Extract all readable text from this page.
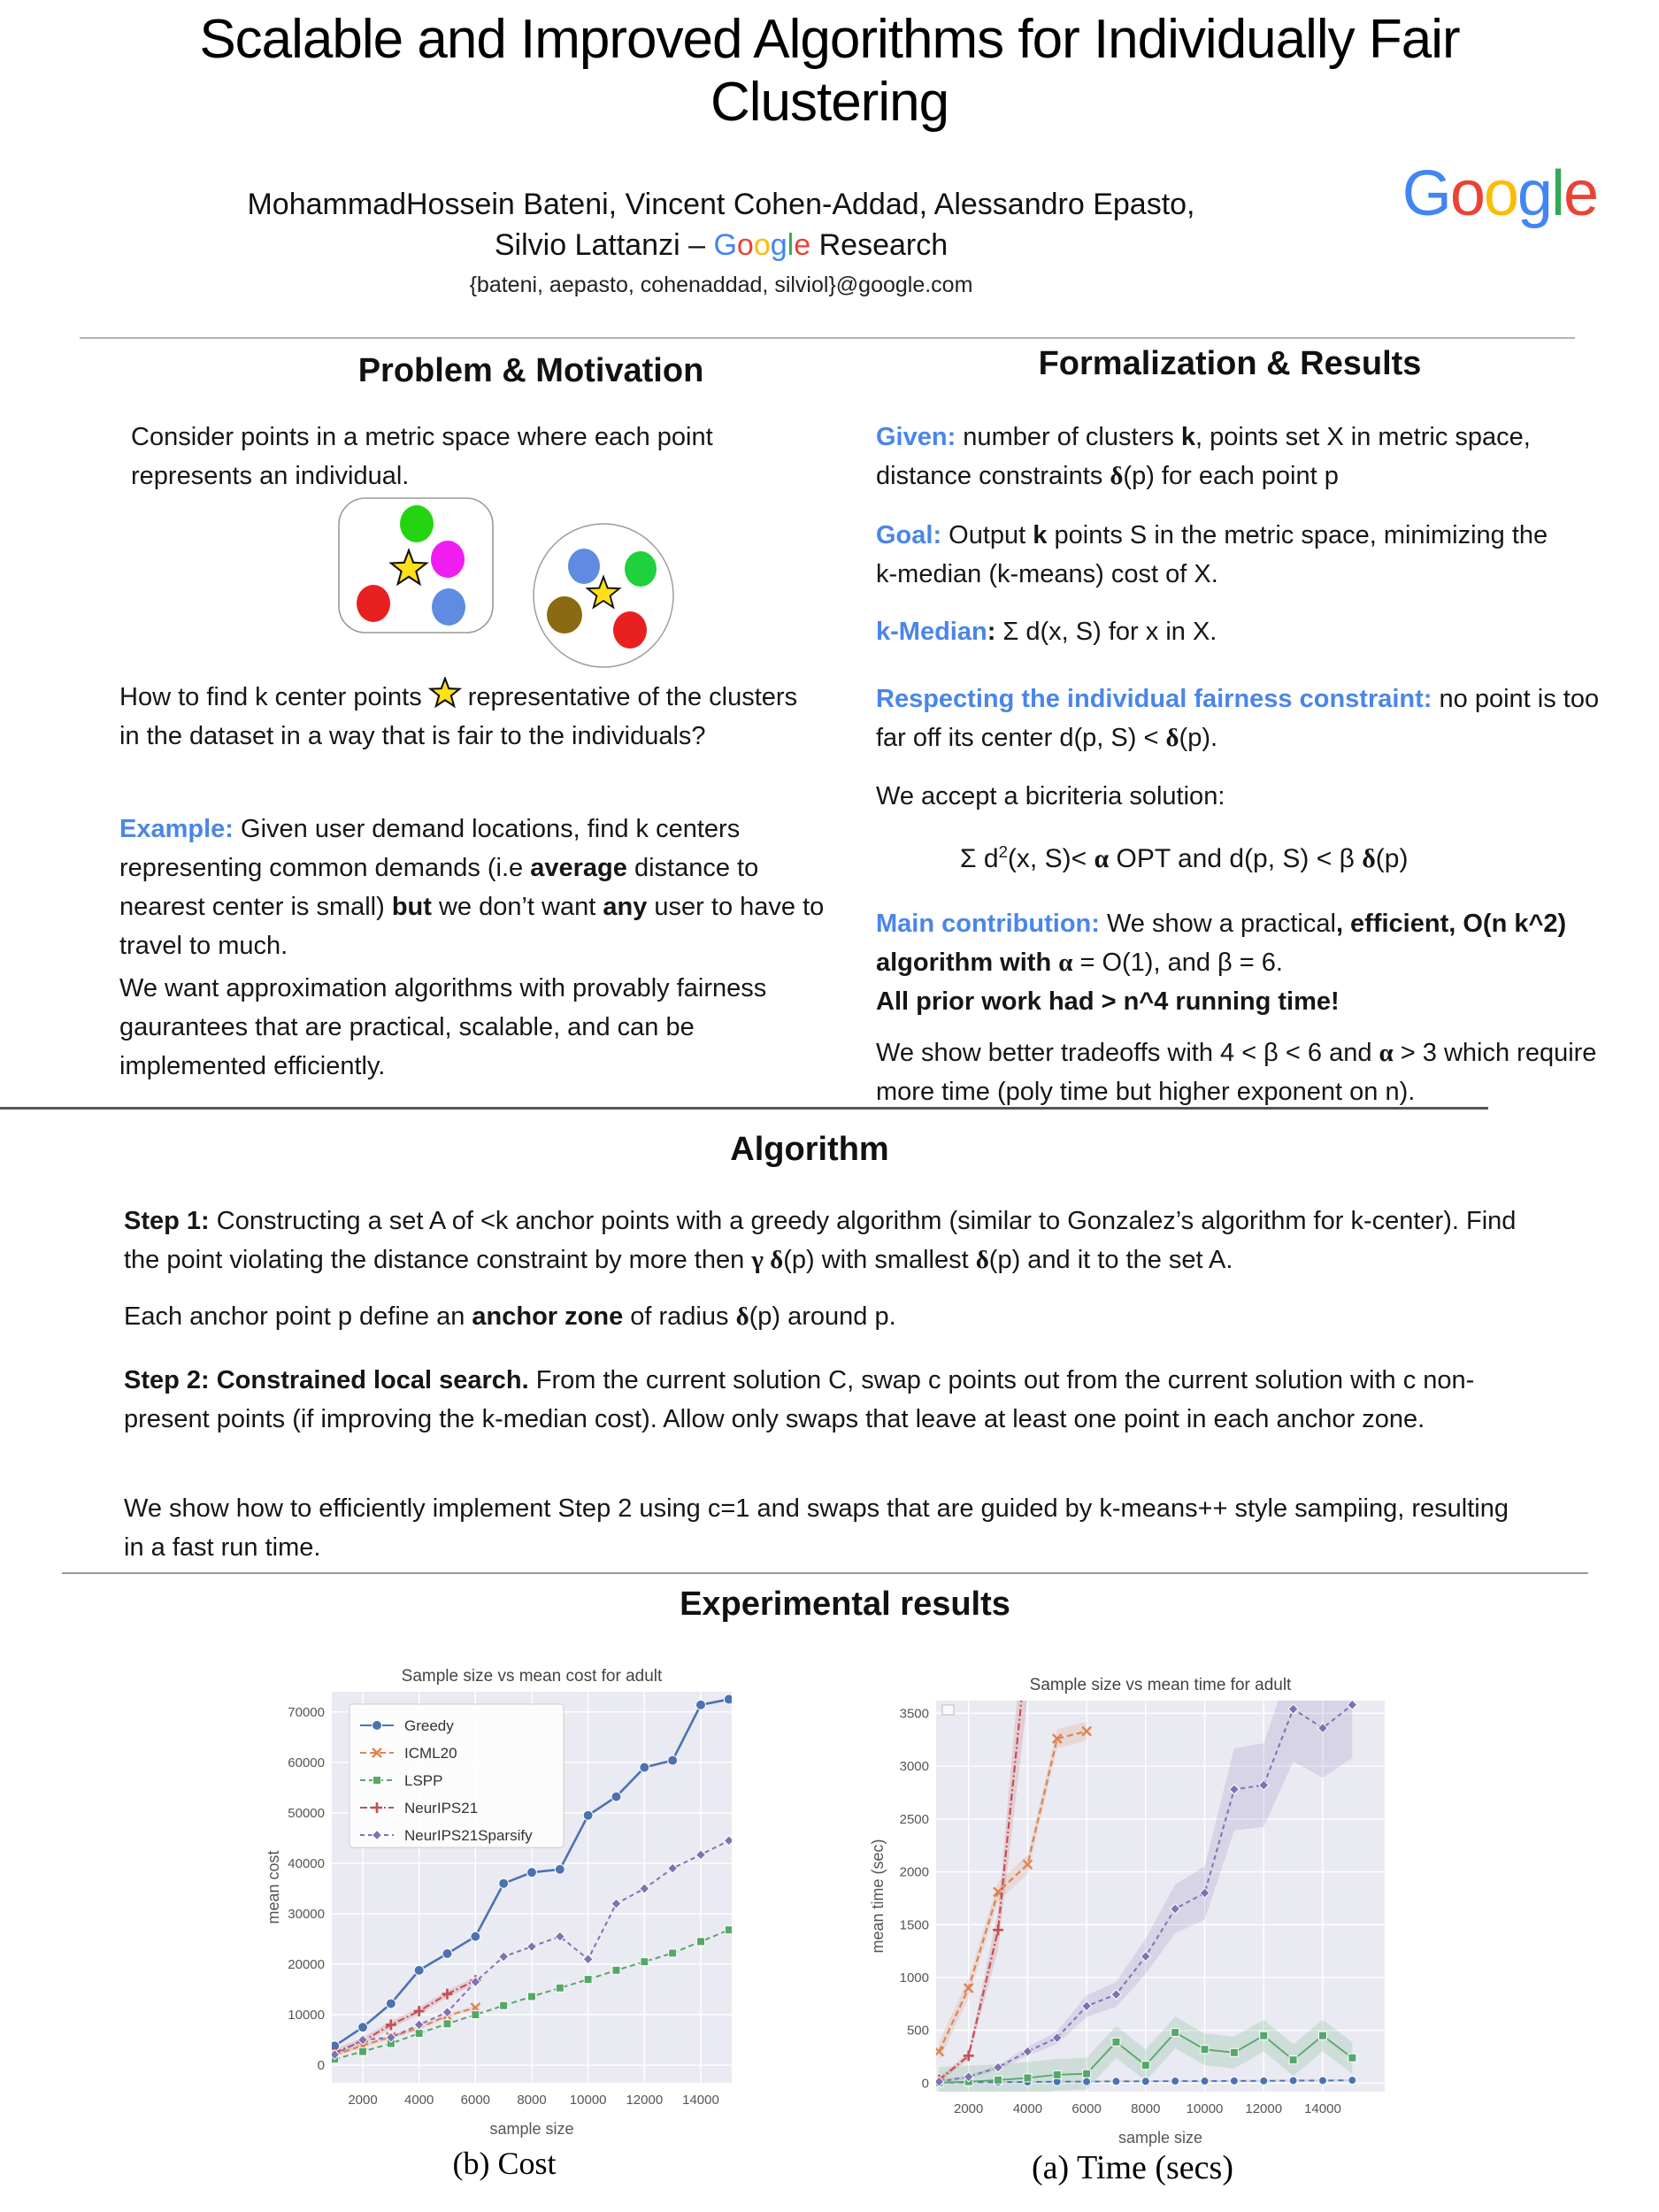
Scalable and Improved Algorithms for Individually Fair Clustering
MohammadHossein Bateni, Vincent Cohen-Addad, Alessandro Epasto,
Silvio Lattanzi – Google Research
{bateni, aepasto, cohenaddad, silviol}@google.com
Google
Problem & Motivation
Consider points in a metric space where each point represents an individual.
How to find k center points representative of the clusters in the dataset in a way that is fair to the individuals?
Example: Given user demand locations, find k centers representing common demands (i.e average distance to nearest center is small) but we don’t want any user to have to travel to much.
We want approximation algorithms with provably fairness gaurantees that are practical, scalable, and can be implemented efficiently.
Formalization & Results
Given: number of clusters k, points set X in metric space, distance constraints δ(p) for each point p
Goal: Output k points S in the metric space, minimizing the k‑median (k‑means) cost of X.
k-Median: Σ d(x, S) for x in X.
Respecting the individual fairness constraint: no point is too far off its center d(p, S) < δ(p).
We accept a bicriteria solution:
Σ $d^2(x$, S)< α OPT and d(p, S) < β δ(p)
Main contribution: We show a practical, efficient, O(n k^2) algorithm with α = O(1), and β = 6.
All prior work had > n^4 running time!
We show better tradeoffs with 4 < β < 6 and α > 3 which require more time (poly time but higher exponent on n).
Algorithm
Step 1: Constructing a set A of <k anchor points with a greedy algorithm (similar to Gonzalez’s algorithm for k‑center). Find the point violating the distance constraint by more then γ δ(p) with smallest δ(p) and it to the set A.
Each anchor point p define an anchor zone of radius δ(p) around p.
Step 2: Constrained local search. From the current solution C, swap c points out from the current solution with c non-present points (if improving the k-median cost). Allow only swaps that leave at least one point in each anchor zone.
We show how to efficiently implement Step 2 using c=1 and swaps that are guided by k-means++ style sampiing, resulting in a fast run time.
Experimental results
2000 4000 6000 8000 10000 12000 14000
0
10000
20000
30000
40000
50000
60000
70000
Sample size vs mean cost for adult
sample size
mean cost
Greedy
ICML20
LSPP
NeurIPS21
NeurIPS21Sparsify
2000 4000 6000 8000 10000 12000 14000
0
500
1000
1500
2000
2500
3000
3500
Sample size vs mean time for adult
sample size
mean time (sec)
(b) Cost	(a) Time (secs)
